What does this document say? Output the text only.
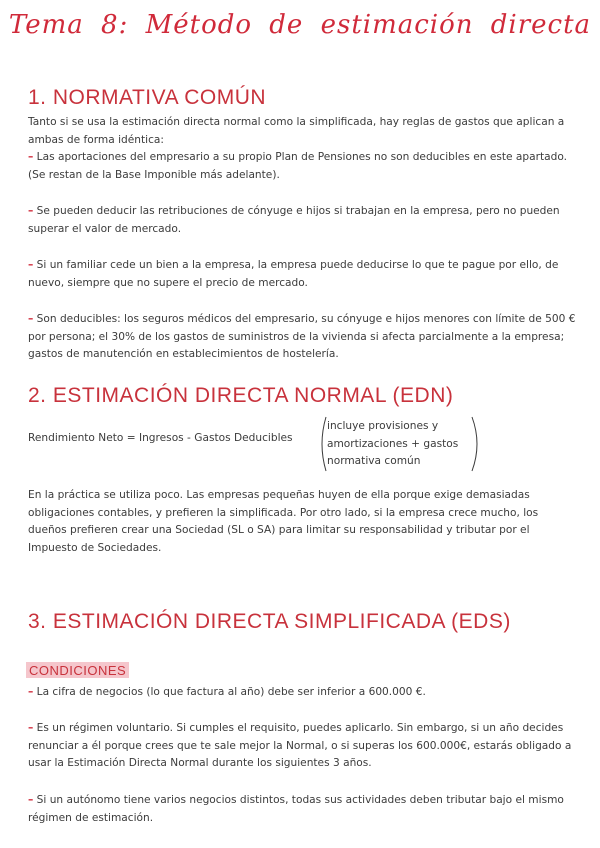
Tema 8: Método de estimación directa
1. NORMATIVA COMÚN
Tanto si se usa la estimación directa normal como la simplificada, hay reglas de gastos que aplican a ambas de forma idéntica:
– Las aportaciones del empresario a su propio Plan de Pensiones no son deducibles en este apartado. (Se restan de la Base Imponible más adelante).
– Se pueden deducir las retribuciones de cónyuge e hijos si trabajan en la empresa, pero no pueden superar el valor de mercado.
– Si un familiar cede un bien a la empresa, la empresa puede deducirse lo que te pague por ello, de nuevo, siempre que no supere el precio de mercado.
– Son deducibles: los seguros médicos del empresario, su cónyuge e hijos menores con límite de 500 € por persona; el 30% de los gastos de suministros de la vivienda si afecta parcialmente a la empresa; gastos de manutención en establecimientos de hostelería.
2. ESTIMACIÓN DIRECTA NORMAL (EDN)
Rendimiento Neto = Ingresos - Gastos Deducibles
incluye provisiones y
amortizaciones + gastos
normativa común
En la práctica se utiliza poco. Las empresas pequeñas huyen de ella porque exige demasiadas obligaciones contables, y prefieren la simplificada. Por otro lado, si la empresa crece mucho, los dueños prefieren crear una Sociedad (SL o SA) para limitar su responsabilidad y tributar por el Impuesto de Sociedades.
3. ESTIMACIÓN DIRECTA SIMPLIFICADA (EDS)
CONDICIONES
– La cifra de negocios (lo que factura al año) debe ser inferior a 600.000 €.
– Es un régimen voluntario. Si cumples el requisito, puedes aplicarlo. Sin embargo, si un año decides renunciar a él porque crees que te sale mejor la Normal, o si superas los 600.000€, estarás obligado a usar la Estimación Directa Normal durante los siguientes 3 años.
– Si un autónomo tiene varios negocios distintos, todas sus actividades deben tributar bajo el mismo régimen de estimación.
